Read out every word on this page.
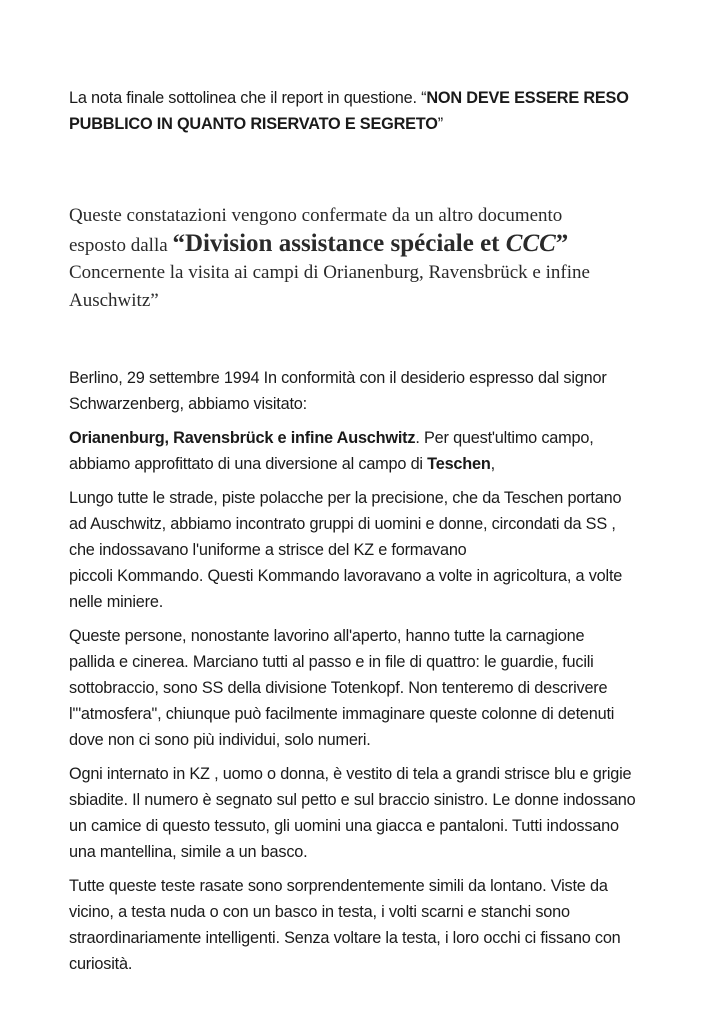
La nota finale sottolinea che il report in questione. “NON DEVE ESSERE RESO
PUBBLICO IN QUANTO RISERVATO E SEGRETO”
Queste constatazioni vengono confermate da un altro documento
esposto dalla “Division assistance spéciale et CCC”
Concernente la visita ai campi di Orianenburg, Ravensbrück e infine
Auschwitz”
Berlino, 29 settembre 1994 In conformità con il desiderio espresso dal signor
Schwarzenberg, abbiamo visitato:
Orianenburg, Ravensbrück e infine Auschwitz. Per quest'ultimo campo,
abbiamo approfittato di una diversione al campo di Teschen,
Lungo tutte le strade, piste polacche per la precisione, che da Teschen portano
ad Auschwitz, abbiamo incontrato gruppi di uomini e donne, circondati da SS ,
che indossavano l'uniforme a strisce del KZ e formavano
piccoli Kommando. Questi Kommando lavoravano a volte in agricoltura, a volte
nelle miniere.
Queste persone, nonostante lavorino all'aperto, hanno tutte la carnagione
pallida e cinerea. Marciano tutti al passo e in file di quattro: le guardie, fucili
sottobraccio, sono SS della divisione Totenkopf. Non tenteremo di descrivere
l'"atmosfera", chiunque può facilmente immaginare queste colonne di detenuti
dove non ci sono più individui, solo numeri.
Ogni internato in KZ , uomo o donna, è vestito di tela a grandi strisce blu e grigie
sbiadite. Il numero è segnato sul petto e sul braccio sinistro. Le donne indossano
un camice di questo tessuto, gli uomini una giacca e pantaloni. Tutti indossano
una mantellina, simile a un basco.
Tutte queste teste rasate sono sorprendentemente simili da lontano. Viste da
vicino, a testa nuda o con un basco in testa, i volti scarni e stanchi sono
straordinariamente intelligenti. Senza voltare la testa, i loro occhi ci fissano con
curiosità.
